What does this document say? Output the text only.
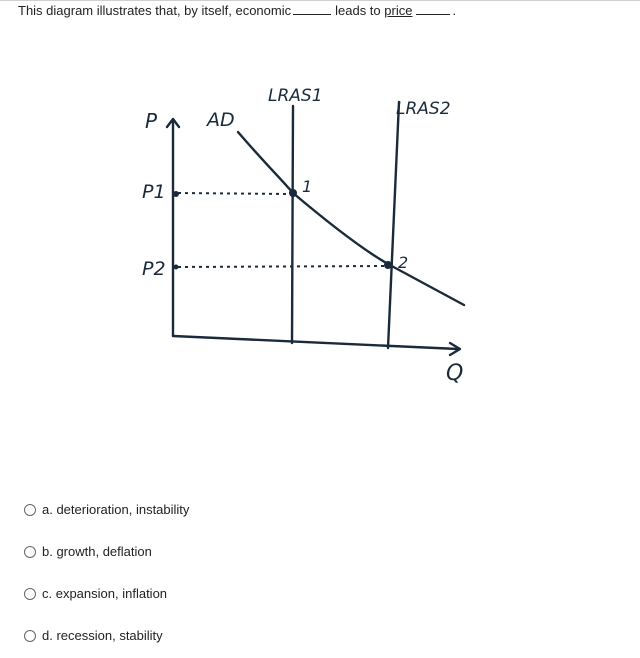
This diagram illustrates that, by itself, economic	leads to price	.
P
P1
P2
AD
LRAS1
LRAS2
1
2
Q
a. deterioration, instability
b. growth, deflation
c. expansion, inflation
d. recession, stability
